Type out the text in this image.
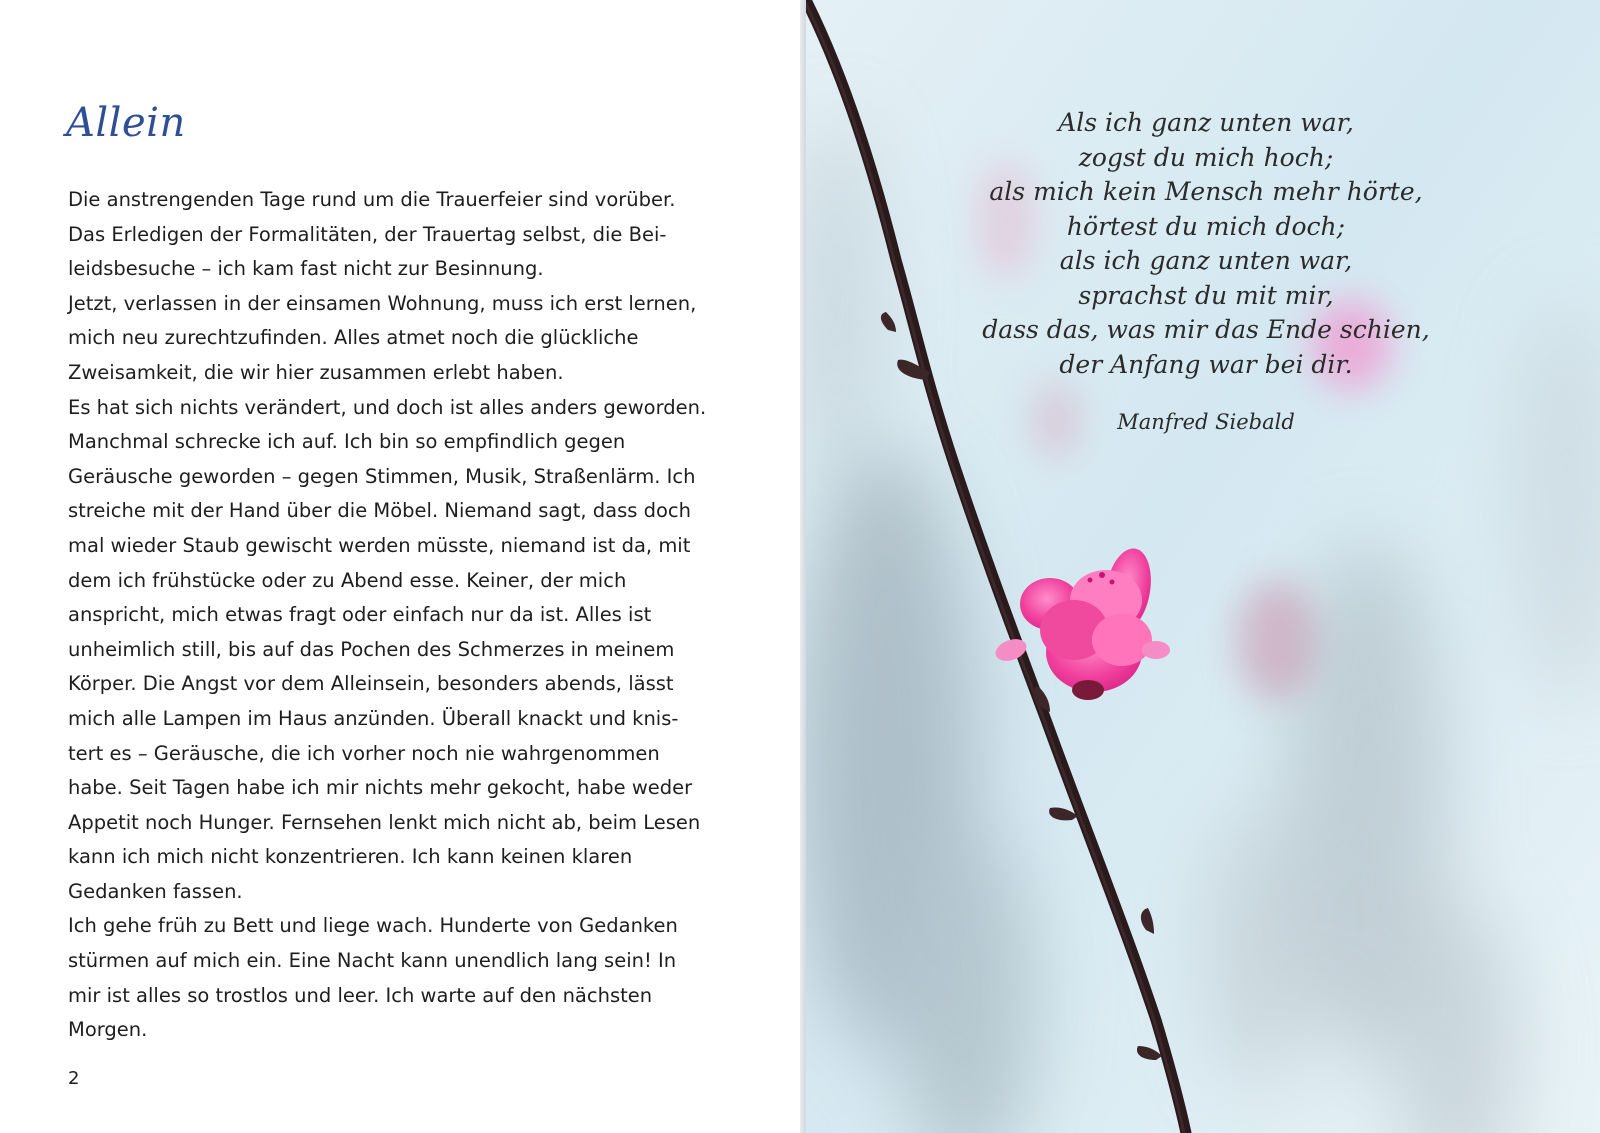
Allein
Die anstrengenden Tage rund um die Trauerfeier sind vorüber.
Das Erledigen der Formalitäten, der Trauertag selbst, die Bei-
leidsbesuche – ich kam fast nicht zur Besinnung.
Jetzt, verlassen in der einsamen Wohnung, muss ich erst lernen,
mich neu zurechtzufinden. Alles atmet noch die glückliche
Zweisamkeit, die wir hier zusammen erlebt haben.
Es hat sich nichts verändert, und doch ist alles anders geworden.
Manchmal schrecke ich auf. Ich bin so empfindlich gegen
Geräusche geworden – gegen Stimmen, Musik, Straßenlärm. Ich
streiche mit der Hand über die Möbel. Niemand sagt, dass doch
mal wieder Staub gewischt werden müsste, niemand ist da, mit
dem ich frühstücke oder zu Abend esse. Keiner, der mich
anspricht, mich etwas fragt oder einfach nur da ist. Alles ist
unheimlich still, bis auf das Pochen des Schmerzes in meinem
Körper. Die Angst vor dem Alleinsein, besonders abends, lässt
mich alle Lampen im Haus anzünden. Überall knackt und knis-
tert es – Geräusche, die ich vorher noch nie wahrgenommen
habe. Seit Tagen habe ich mir nichts mehr gekocht, habe weder
Appetit noch Hunger. Fernsehen lenkt mich nicht ab, beim Lesen
kann ich mich nicht konzentrieren. Ich kann keinen klaren
Gedanken fassen.
Ich gehe früh zu Bett und liege wach. Hunderte von Gedanken
stürmen auf mich ein. Eine Nacht kann unendlich lang sein! In
mir ist alles so trostlos und leer. Ich warte auf den nächsten
Morgen.
2
Als ich ganz unten war,
zogst du mich hoch;
als mich kein Mensch mehr hörte,
hörtest du mich doch;
als ich ganz unten war,
sprachst du mit mir,
dass das, was mir das Ende schien,
der Anfang war bei dir.
Manfred Siebald
